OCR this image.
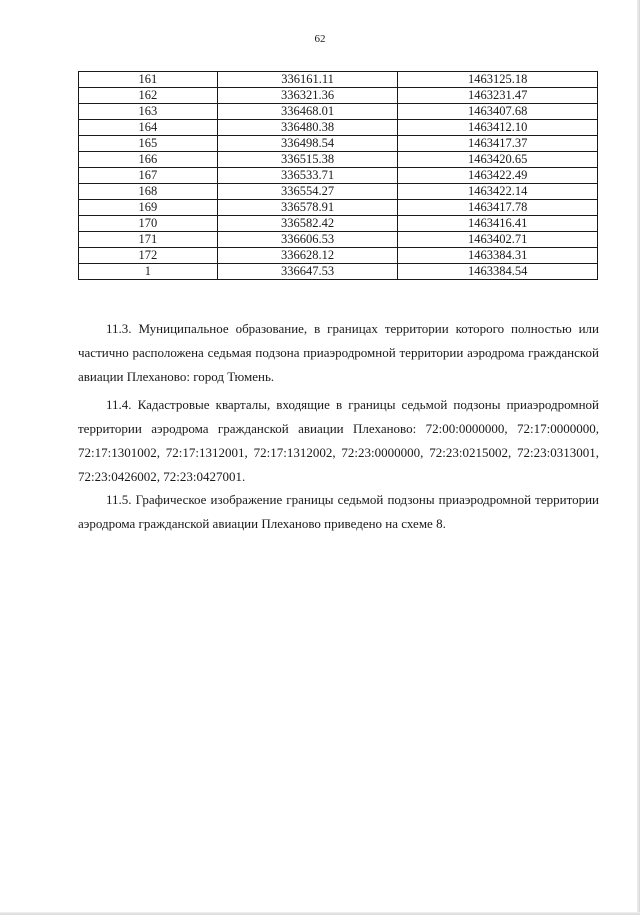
62
161	336161.11	1463125.18
162	336321.36	1463231.47
163	336468.01	1463407.68
164	336480.38	1463412.10
165	336498.54	1463417.37
166	336515.38	1463420.65
167	336533.71	1463422.49
168	336554.27	1463422.14
169	336578.91	1463417.78
170	336582.42	1463416.41
171	336606.53	1463402.71
172	336628.12	1463384.31
1	336647.53	1463384.54

11.3. Муниципальное образование, в границах территории которого полностью или частично расположена седьмая подзона приаэродромной территории аэродрома гражданской авиации Плеханово: город Тюмень.

11.4. Кадастровые кварталы, входящие в границы седьмой подзоны приаэродромной территории аэродрома гражданской авиации Плеханово: 72:00:0000000, 72:17:0000000, 72:17:1301002, 72:17:1312001, 72:17:1312002, 72:23:0000000, 72:23:0215002, 72:23:0313001, 72:23:0426002, 72:23:0427001.

11.5. Графическое изображение границы седьмой подзоны приаэродромной территории аэродрома гражданской авиации Плеханово приведено на схеме 8.
